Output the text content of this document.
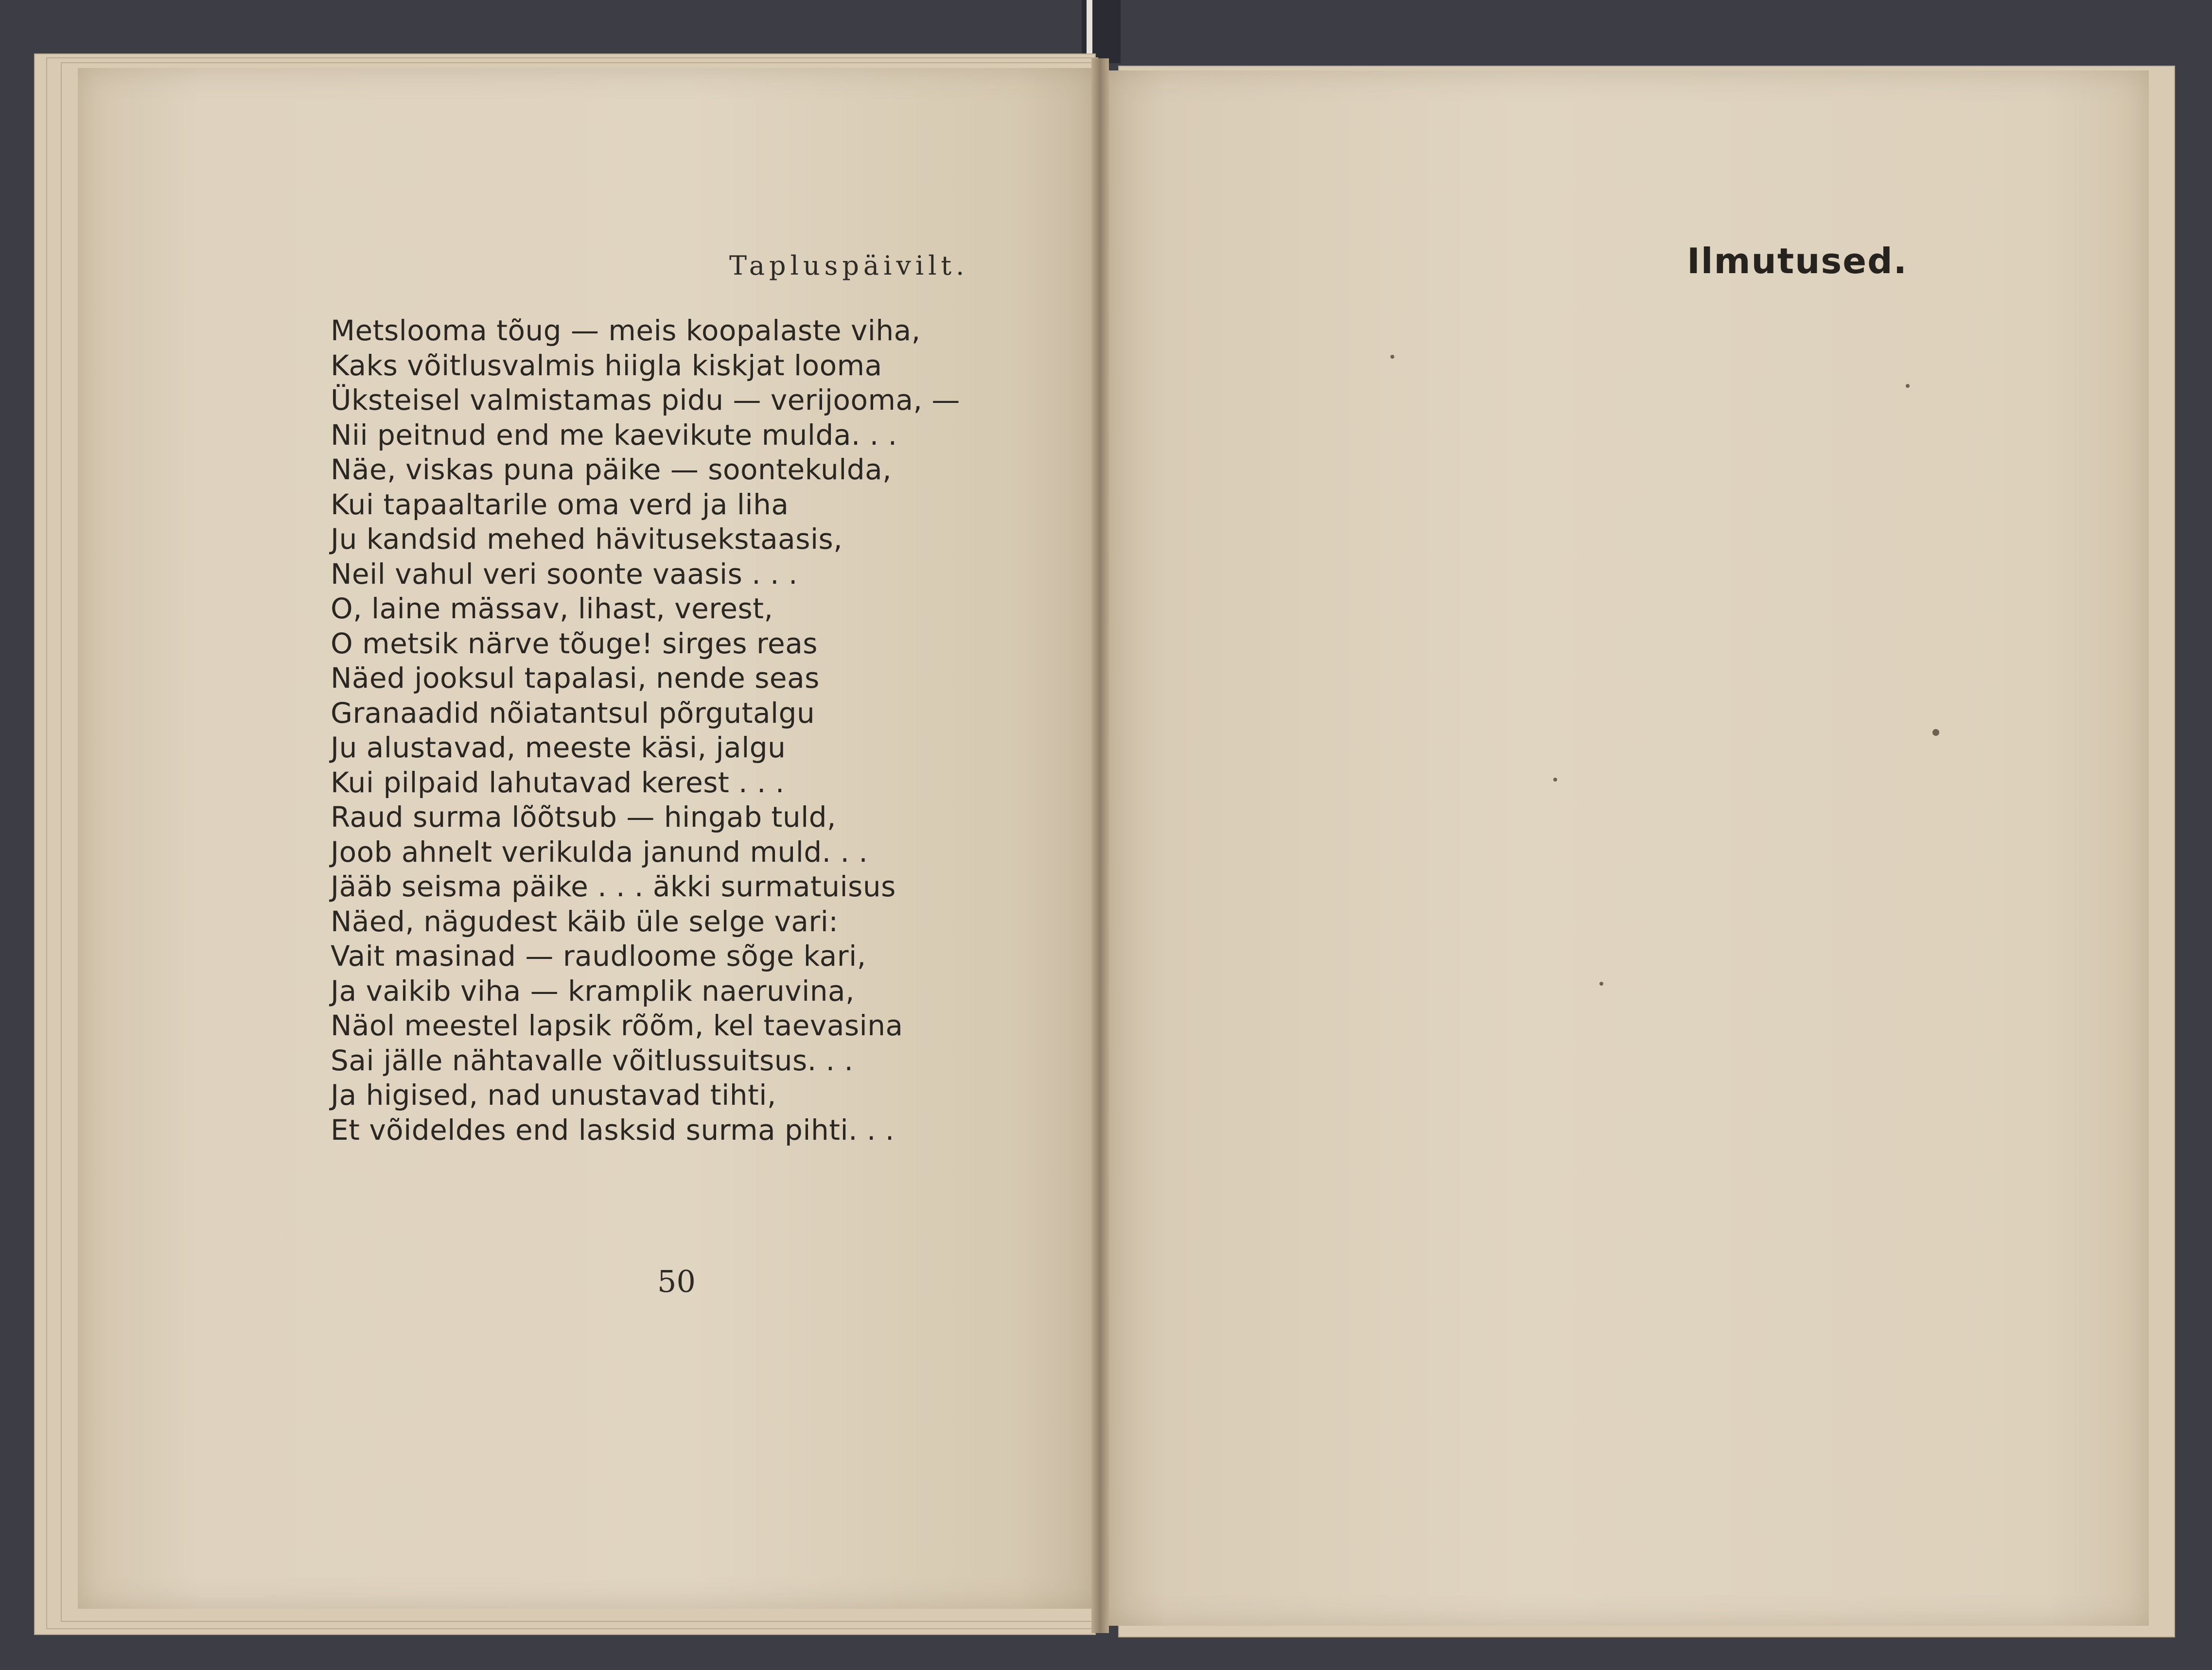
Tapluspäivilt.
Metslooma tõug — meis koopalaste viha,
Kaks võitlusvalmis hiigla kiskjat looma
Üksteisel valmistamas pidu — verijooma, —
Nii peitnud end me kaevikute mulda. . .
Näe, viskas puna päike — soontekulda,
Kui tapaaltarile oma verd ja liha
Ju kandsid mehed hävitusekstaasis,
Neil vahul veri soonte vaasis . . .
O, laine mässav, lihast, verest,
O metsik närve tõuge! sirges reas
Näed jooksul tapalasi, nende seas
Granaadid nõiatantsul põrgutalgu
Ju alustavad, meeste käsi, jalgu
Kui pilpaid lahutavad kerest . . .
Raud surma lõõtsub — hingab tuld,
Joob ahnelt verikulda janund muld. . .
Jääb seisma päike . . . äkki surmatuisus
Näed, nägudest käib üle selge vari:
Vait masinad — raudloome sõge kari,
Ja vaikib viha — kramplik naeruvina,
Näol meestel lapsik rõõm, kel taevasina
Sai jälle nähtavalle võitlussuitsus. . .
Ja higised, nad unustavad tihti,
Et võideldes end lasksid surma pihti. . .
50
Ilmutused.
